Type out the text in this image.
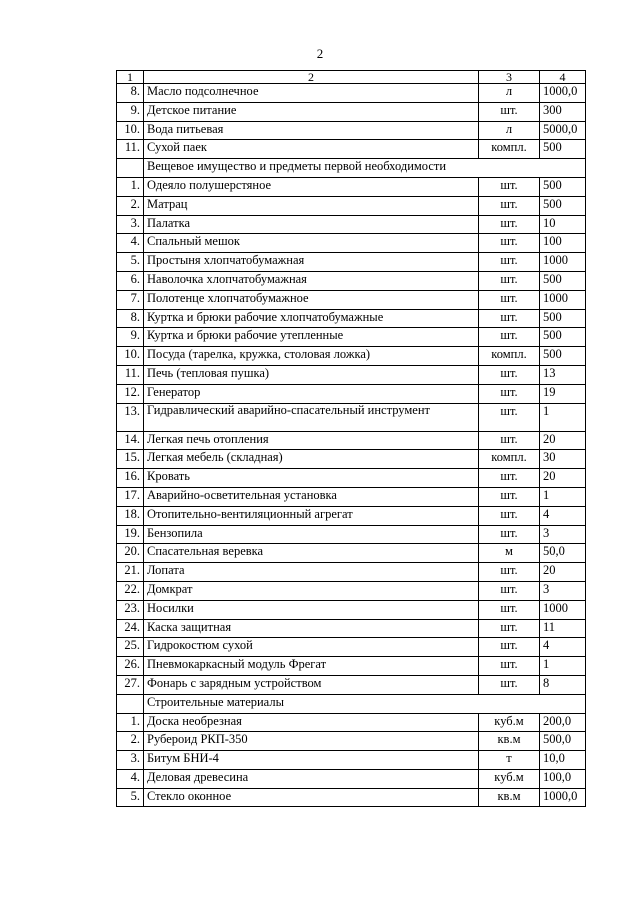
2
1	2	3	4
8.	Масло подсолнечное	л	1000,0
9.	Детское питание	шт.	300
10.	Вода питьевая	л	5000,0
11.	Сухой паек	компл.	500
	Вещевое имущество и предметы первой необходимости		
1.	Одеяло полушерстяное	шт.	500
2.	Матрац	шт.	500
3.	Палатка	шт.	10
4.	Спальный мешок	шт.	100
5.	Простыня хлопчатобумажная	шт.	1000
6.	Наволочка хлопчатобумажная	шт.	500
7.	Полотенце хлопчатобумажное	шт.	1000
8.	Куртка и брюки рабочие хлопчатобумажные	шт.	500
9.	Куртка и брюки рабочие утепленные	шт.	500
10.	Посуда (тарелка, кружка, столовая ложка)	компл.	500
11.	Печь (тепловая пушка)	шт.	13
12.	Генератор	шт.	19
13.	Гидравлический аварийно-спасательный инструмент	шт.	1
14.	Легкая печь отопления	шт.	20
15.	Легкая мебель (складная)	компл.	30
16.	Кровать	шт.	20
17.	Аварийно-осветительная установка	шт.	1
18.	Отопительно-вентиляционный агрегат	шт.	4
19.	Бензопила	шт.	3
20.	Спасательная веревка	м	50,0
21.	Лопата	шт.	20
22.	Домкрат	шт.	3
23.	Носилки	шт.	1000
24.	Каска защитная	шт.	11
25.	Гидрокостюм сухой	шт.	4
26.	Пневмокаркасный модуль Фрегат	шт.	1
27.	Фонарь с зарядным устройством	шт.	8
	Строительные материалы		
1.	Доска необрезная	куб.м	200,0
2.	Рубероид РКП-350	кв.м	500,0
3.	Битум БНИ-4	т	10,0
4.	Деловая древесина	куб.м	100,0
5.	Стекло оконное	кв.м	1000,0
